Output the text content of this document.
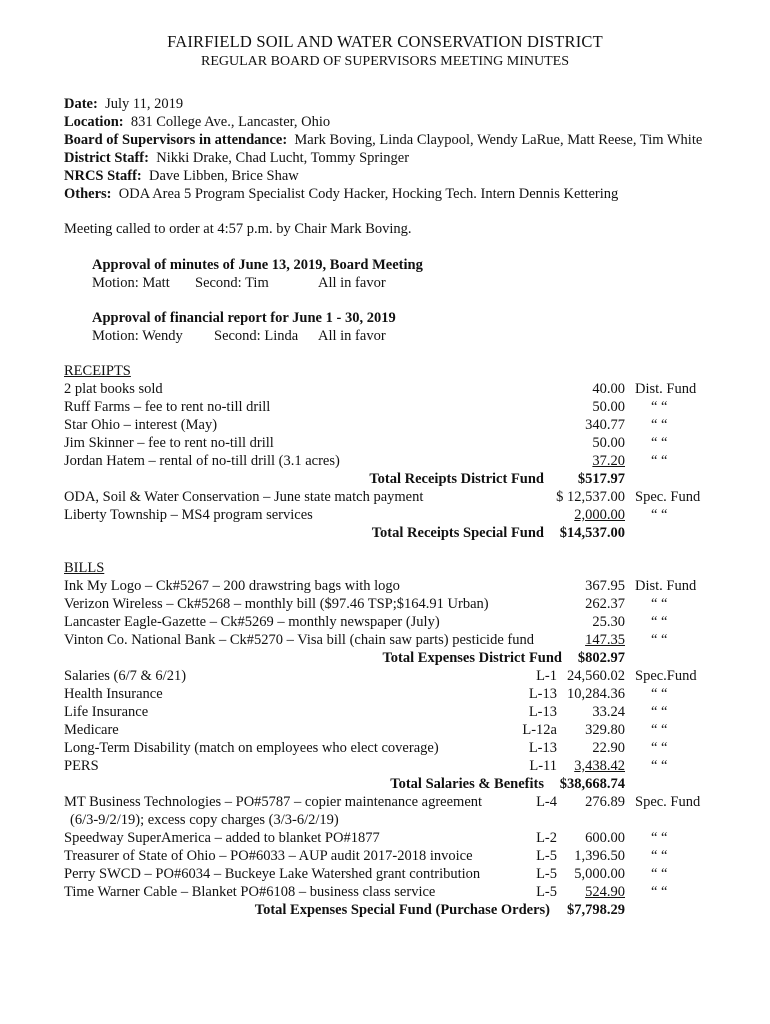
FAIRFIELD SOIL AND WATER CONSERVATION DISTRICT
REGULAR BOARD OF SUPERVISORS MEETING MINUTES
Date: July 11, 2019
Location: 831 College Ave., Lancaster, Ohio
Board of Supervisors in attendance: Mark Boving, Linda Claypool, Wendy LaRue, Matt Reese, Tim White
District Staff: Nikki Drake, Chad Lucht, Tommy Springer
NRCS Staff: Dave Libben, Brice Shaw
Others: ODA Area 5 Program Specialist Cody Hacker, Hocking Tech. Intern Dennis Kettering
Meeting called to order at 4:57 p.m. by Chair Mark Boving.
Approval of minutes of June 13, 2019, Board Meeting
Motion: Matt Second: Tim	All in favor
Approval of financial report for June 1 - 30, 2019
Motion: Wendy Second: Linda All in favor
RECEIPTS
2 plat books sold	40.00 Dist. Fund
Ruff Farms – fee to rent no-till drill	50.00 “ “
Star Ohio – interest (May)	340.77 “ “
Jim Skinner – fee to rent no-till drill	50.00 “ “
Jordan Hatem – rental of no-till drill (3.1 acres)	37.20 “ “
Total Receipts District Fund $517.97
ODA, Soil & Water Conservation – June state match payment	$ 12,537.00 Spec. Fund
Liberty Township – MS4 program services	2,000.00 “ “
Total Receipts Special Fund $14,537.00
BILLS
Ink My Logo – Ck#5267 – 200 drawstring bags with logo	367.95 Dist. Fund
Verizon Wireless – Ck#5268 – monthly bill ($97.46 TSP;$164.91 Urban)	262.37 “ “
Lancaster Eagle-Gazette – Ck#5269 – monthly newspaper (July)	25.30 “ “
Vinton Co. National Bank – Ck#5270 – Visa bill (chain saw parts) pesticide fund	147.35 “ “
Total Expenses District Fund $802.97
Salaries (6/7 & 6/21)	L-1 24,560.02 Spec.Fund
Health Insurance	L-13 10,284.36 “ “
Life Insurance	L-13 33.24 “ “
Medicare	L-12a 329.80 “ “
Long-Term Disability (match on employees who elect coverage)	L-13 22.90 “ “
PERS	L-11 3,438.42 “ “
Total Salaries & Benefits $38,668.74
MT Business Technologies – PO#5787 – copier maintenance agreement	L-4 276.89 Spec. Fund
(6/3-9/2/19); excess copy charges (3/3-6/2/19)
Speedway SuperAmerica – added to blanket PO#1877	L-2 600.00 “ “
Treasurer of State of Ohio – PO#6033 – AUP audit 2017-2018 invoice	L-5 1,396.50 “ “
Perry SWCD – PO#6034 – Buckeye Lake Watershed grant contribution	L-5 5,000.00 “ “
Time Warner Cable – Blanket PO#6108 – business class service	L-5 524.90 “ “
Total Expenses Special Fund (Purchase Orders) $7,798.29
